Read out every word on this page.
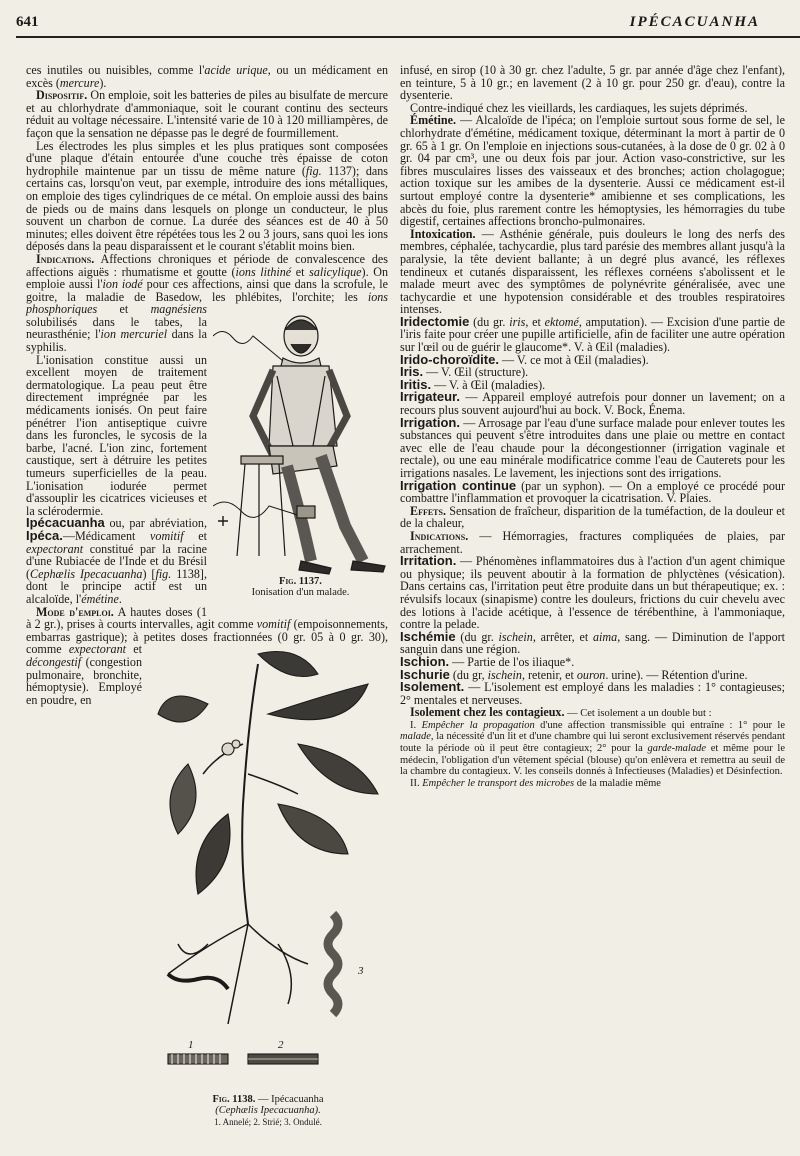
641	IPÉCACUANHA

ces inutiles ou nuisibles, comme l'acide urique, ou un médicament en excès (mercure).

Dispositif. On emploie, soit les batteries de piles au bisulfate de mercure et au chlorhydrate d'ammoniaque, soit le courant continu des secteurs réduit au voltage nécessaire. L'intensité varie de 10 à 120 milliampères, de façon que la sensation ne dépasse pas le degré de fourmillement.

Fig. 1137.
Ionisation d'un malade.

Les électrodes les plus simples et les plus pratiques sont composées d'une plaque d'étain entourée d'une couche très épaisse de coton hydrophile maintenue par un tissu de même nature (fig. 1137); dans certains cas, lorsqu'on veut, par exemple, introduire des ions métalliques, on emploie des tiges cylindriques de ce métal. On emploie aussi des bains de pieds ou de mains dans lesquels on plonge un conducteur, le plus souvent un charbon de cornue. La durée des séances est de 40 à 50 minutes; elles doivent être répétées tous les 2 ou 3 jours, sans quoi les ions déposés dans la peau disparaissent et le courant s'établit moins bien.

Indications. Affections chroniques et période de convalescence des affections aiguës : rhumatisme et goutte (ions lithiné et salicylique). On emploie aussi l'ion iodé pour ces affections, ainsi que dans la scrofule, le goitre, la maladie de Basedow, les phlébites, l'orchite; les ions phosphoriques et magnésiens solubilisés dans le tabes, la neurasthénie; l'ion mercuriel dans la syphilis.

1	2
3
Fig. 1138. — Ipécacuanha
(Cephælis Ipecacuanha).
1. Annelé; 2. Strié; 3. Ondulé.

L'ionisation constitue aussi un excellent moyen de traitement dermatologique. La peau peut être directement imprégnée par les médicaments ionisés. On peut faire pénétrer l'ion antiseptique cuivre dans les furoncles, le sycosis de la barbe, l'acné. L'ion zinc, fortement caustique, sert à détruire les petites tumeurs superficielles de la peau. L'ionisation iodurée permet d'assouplir les cicatrices vicieuses et la sclérodermie.

Ipécacuanha ou, par abréviation, Ipéca.—Médicament vomitif et expectorant constitué par la racine d'une Rubiacée de l'Inde et du Brésil (Cephælis Ipecacuanha) [fig. 1138], dont le principe actif est un alcaloïde, l'émétine.

Mode d'emploi. A hautes doses (1 à 2 gr.), prises à courts intervalles, agit comme vomitif (empoisonnements, embarras gastrique); à petites doses fractionnées (0 gr. 05 à 0 gr. 30), comme expectorant et décongestif (congestion pulmonaire, bronchite, hémoptysie). Employé en poudre, en

infusé, en sirop (10 à 30 gr. chez l'adulte, 5 gr. par année d'âge chez l'enfant), en teinture, 5 à 10 gr.; en lavement (2 à 10 gr. pour 250 gr. d'eau), contre la dysenterie.

Contre-indiqué chez les vieillards, les cardiaques, les sujets déprimés.

Émétine. — Alcaloïde de l'ipéca; on l'emploie surtout sous forme de sel, le chlorhydrate d'émétine, médicament toxique, déterminant la mort à partir de 0 gr. 65 à 1 gr. On l'emploie en injections sous-cutanées, à la dose de 0 gr. 02 à 0 gr. 04 par cm³, une ou deux fois par jour. Action vaso-constrictive, sur les fibres musculaires lisses des vaisseaux et des bronches; action cholagogue; action toxique sur les amibes de la dysenterie. Aussi ce médicament est-il surtout employé contre la dysenterie* amibienne et ses complications, les abcès du foie, plus rarement contre les hémoptysies, les hémorragies du tube digestif, certaines affections broncho-pulmonaires.

Intoxication. — Asthénie générale, puis douleurs le long des nerfs des membres, céphalée, tachycardie, plus tard parésie des membres allant jusqu'à la paralysie, la tête devient ballante; à un degré plus avancé, les réflexes tendineux et cutanés disparaissent, les réflexes cornéens s'abolissent et le malade meurt avec des symptômes de polynévrite généralisée, avec une tachycardie et une hypotension considérable et des troubles respiratoires intenses.

Iridectomie (du gr. iris, et ektomé, amputation). — Excision d'une partie de l'iris faite pour créer une pupille artificielle, afin de faciliter une autre opération sur l'œil ou de guérir le glaucome*. V. à Œil (maladies).

Irido-choroïdite. — V. ce mot à Œil (maladies).

Iris. — V. Œil (structure).

Iritis. — V. à Œil (maladies).

Irrigateur. — Appareil employé autrefois pour donner un lavement; on a recours plus souvent aujourd'hui au bock. V. Bock, Énema.

Irrigation. — Arrosage par l'eau d'une surface malade pour enlever toutes les substances qui peuvent s'être introduites dans une plaie ou mettre en contact avec elle de l'eau chaude pour la décongestionner (irrigation vaginale et rectale), ou une eau minérale modificatrice comme l'eau de Cauterets pour les irrigations nasales. Le lavement, les injections sont des irrigations.

Irrigation continue (par un syphon). — On a employé ce procédé pour combattre l'inflammation et provoquer la cicatrisation. V. Plaies.

Effets. Sensation de fraîcheur, disparition de la tuméfaction, de la douleur et de la chaleur,

Indications. — Hémorragies, fractures compliquées de plaies, par arrachement.

Irritation. — Phénomènes inflammatoires dus à l'action d'un agent chimique ou physique; ils peuvent aboutir à la formation de phlyctènes (vésication). Dans certains cas, l'irritation peut être produite dans un but thérapeutique; ex. : révulsifs locaux (sinapisme) contre les douleurs, frictions du cuir chevelu avec des lotions à l'acide acétique, à l'essence de térébenthine, à l'ammoniaque, contre la pelade.

Ischémie (du gr. ischein, arrêter, et aima, sang. — Diminution de l'apport sanguin dans une région.

Ischion. — Partie de l'os iliaque*.

Ischurie (du gr, ischein, retenir, et ouron. urine). — Rétention d'urine.

Isolement. — L'isolement est employé dans les maladies : 1° contagieuses; 2° mentales et nerveuses.

Isolement chez les contagieux. — Cet isolement a un double but :

I. Empêcher la propagation d'une affection transmissible qui entraîne : 1° pour le malade, la nécessité d'un lit et d'une chambre qui lui seront exclusivement réservés pendant toute la période où il peut être contagieux; 2° pour la garde-malade et même pour le médecin, l'obligation d'un vêtement spécial (blouse) qu'on enlèvera et remettra au seuil de la chambre du contagieux. V. les conseils donnés à Infectieuses (Maladies) et Désinfection.

II. Empêcher le transport des microbes de la maladie même
